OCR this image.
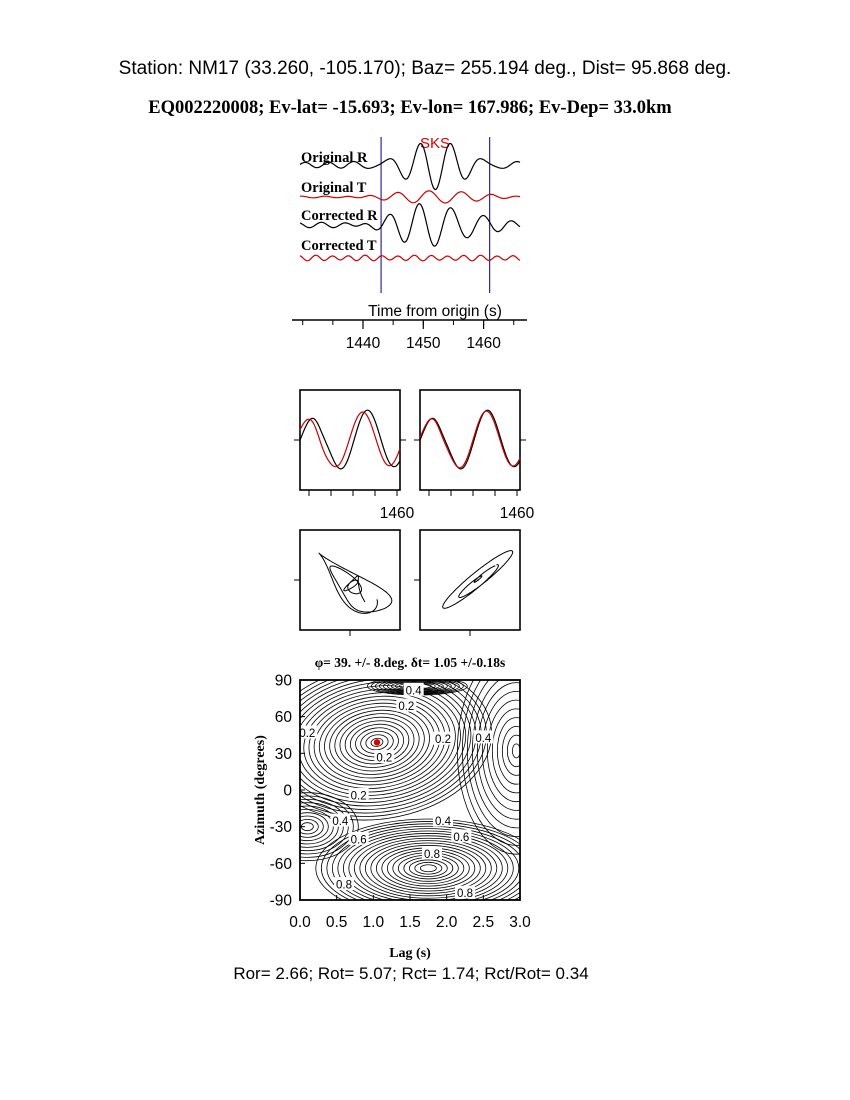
Station: NM17 (33.260, -105.170); Baz= 255.194 deg., Dist= 95.868 deg.
EQ002220008; Ev-lat= -15.693; Ev-lon= 167.986; Ev-Dep= 33.0km
SKS
Original R
Original T
Corrected R
Corrected T
Time from origin (s)
1440 1450 1460
1460	1460
φ= 39. +/- 8.deg. δt= 1.05 +/-0.18s
0.4
0.2
0.2
0.2
0.2
0.2 0.4
0.4
0.6
0.4
0.6
0.8
0.8
0.8
0.0 0.5 1.0 1.5 2.0 2.5 3.0
90
60
30
0
-30
-60
-90
Lag (s)
Azimuth (degrees)
Ror= 2.66; Rot= 5.07; Rct= 1.74; Rct/Rot= 0.34
